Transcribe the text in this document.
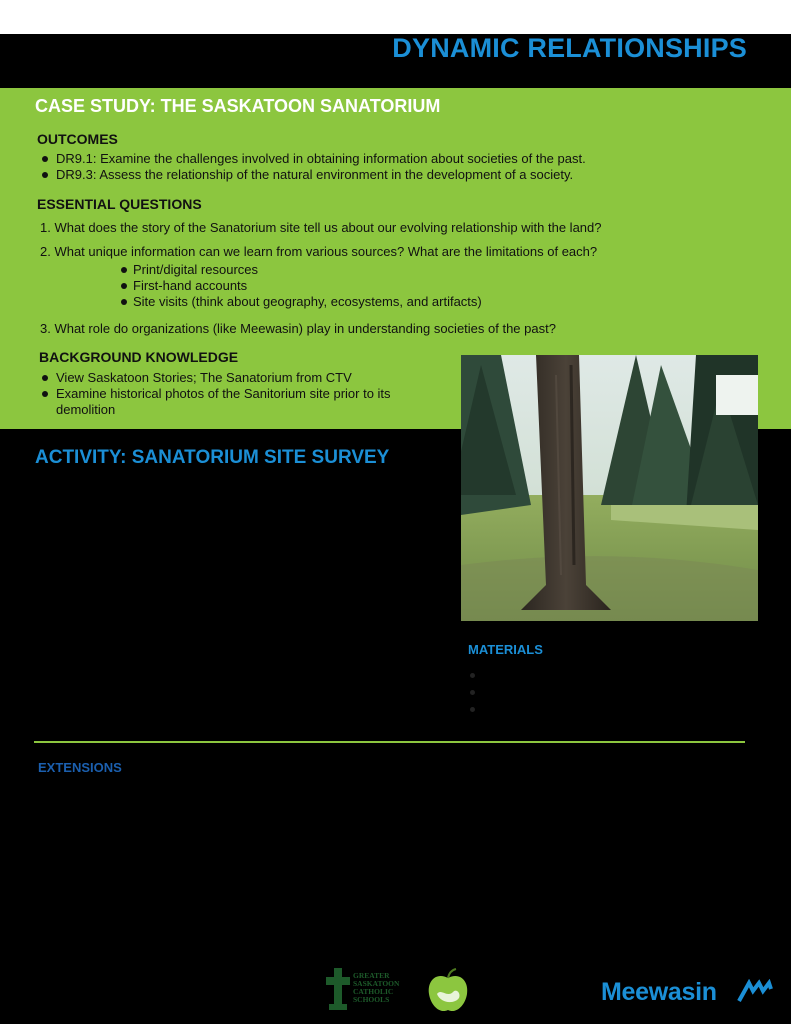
DYNAMIC RELATIONSHIPS
CASE STUDY: THE SASKATOON SANATORIUM
OUTCOMES
DR9.1: Examine the challenges involved in obtaining information about societies of the past.
DR9.3: Assess the relationship of the natural environment in the development of a society.
ESSENTIAL QUESTIONS
1. What does the story of the Sanatorium site tell us about our evolving relationship with the land?
2. What unique information can we learn from various sources? What are the limitations of each?
Print/digital resources
First-hand accounts
Site visits (think about geography, ecosystems, and artifacts)
3. What role do organizations (like Meewasin) play in understanding societies of the past?
BACKGROUND KNOWLEDGE
View Saskatoon Stories; The Sanatorium from CTV
Examine historical photos of the Sanitorium site prior to its demolition
ACTIVITY: SANATORIUM SITE SURVEY
MATERIALS
EXTENSIONS
GREATER SASKATOON CATHOLIC SCHOOLS	Meewasin
